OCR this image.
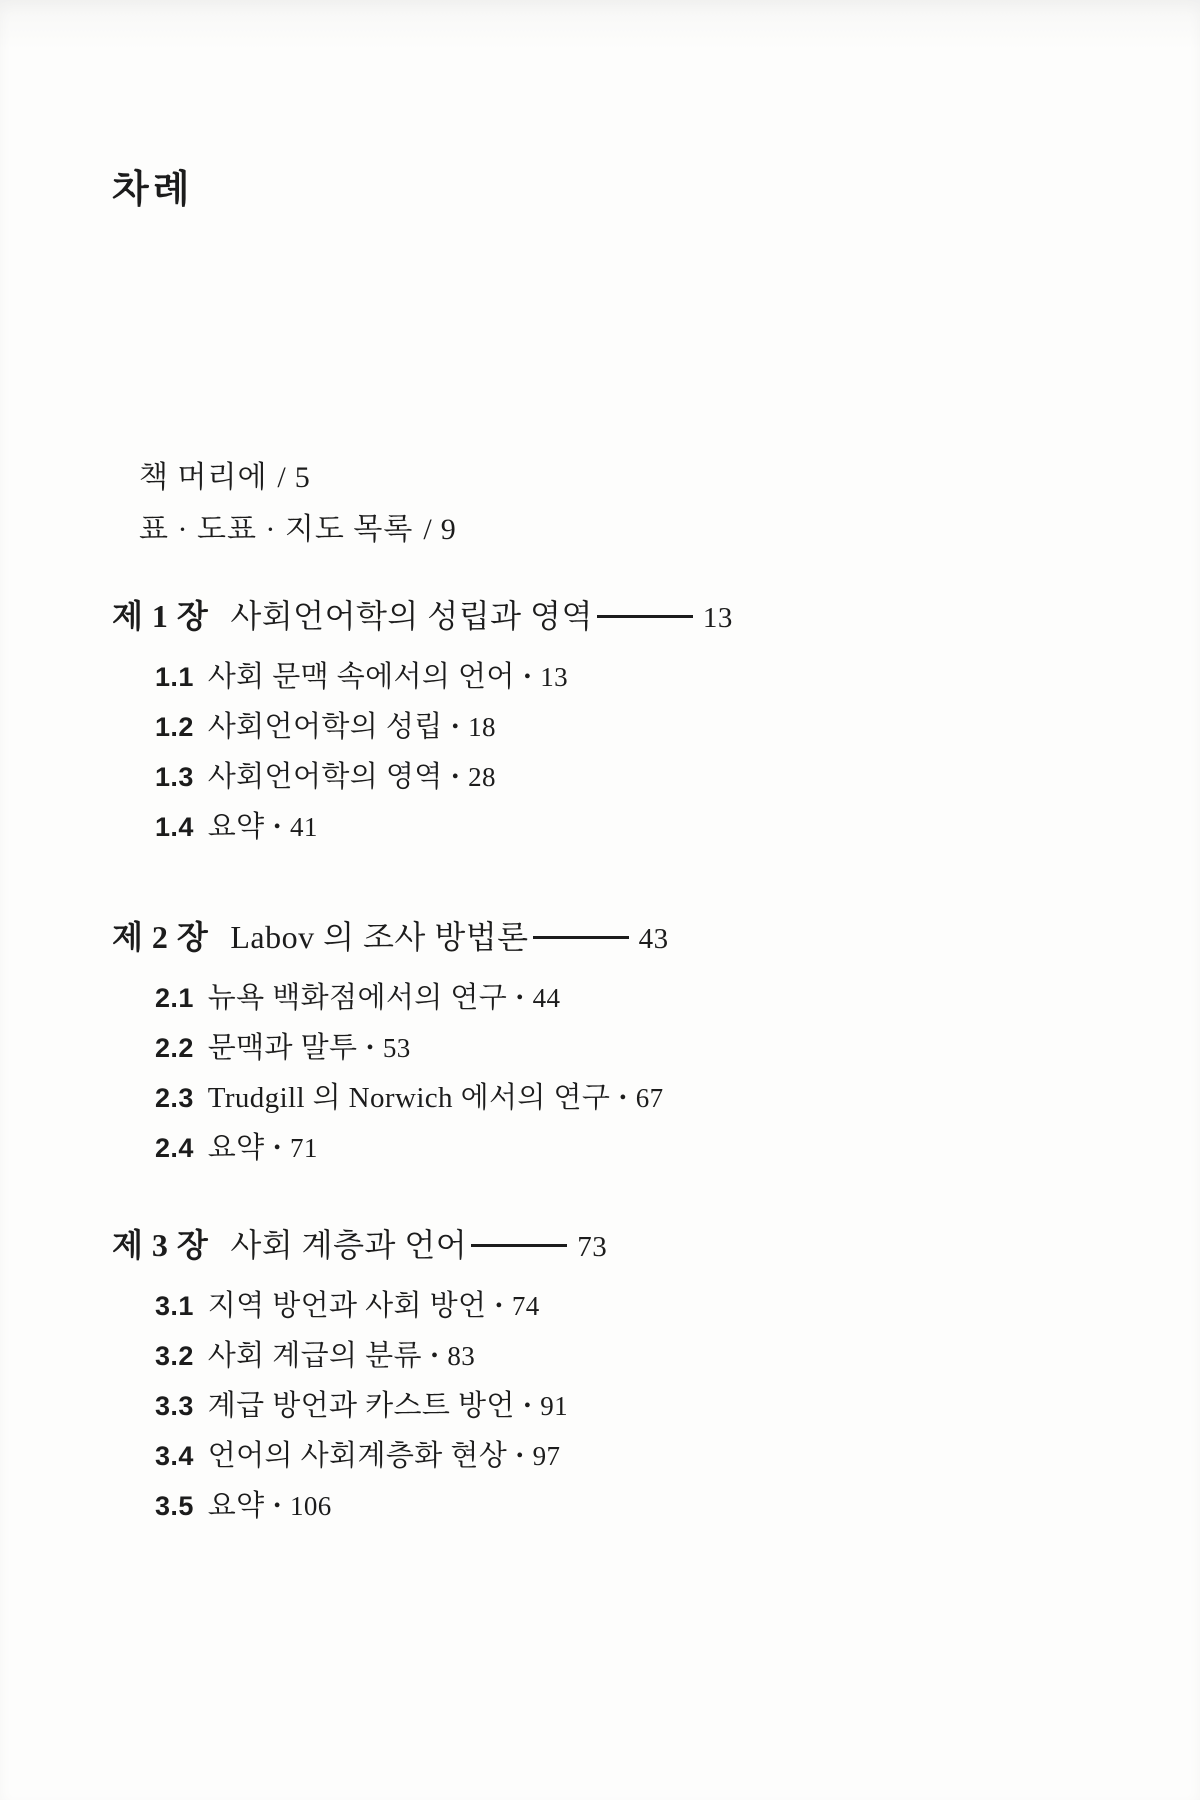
차례
책 머리에 / 5
표 · 도표 · 지도 목록 / 9
제 1 장 사회언어학의 성립과 영역	13
1.1 사회 문맥 속에서의 언어 • 13
1.2 사회언어학의 성립 • 18
1.3 사회언어학의 영역 • 28
1.4 요약 • 41
제 2 장 Labov 의 조사 방법론	43
2.1 뉴욕 백화점에서의 연구 • 44
2.2 문맥과 말투 • 53
2.3 Trudgill 의 Norwich 에서의 연구 • 67
2.4 요약 • 71
제 3 장 사회 계층과 언어	73
3.1 지역 방언과 사회 방언 • 74
3.2 사회 계급의 분류 • 83
3.3 계급 방언과 카스트 방언 • 91
3.4 언어의 사회계층화 현상 • 97
3.5 요약 • 106
